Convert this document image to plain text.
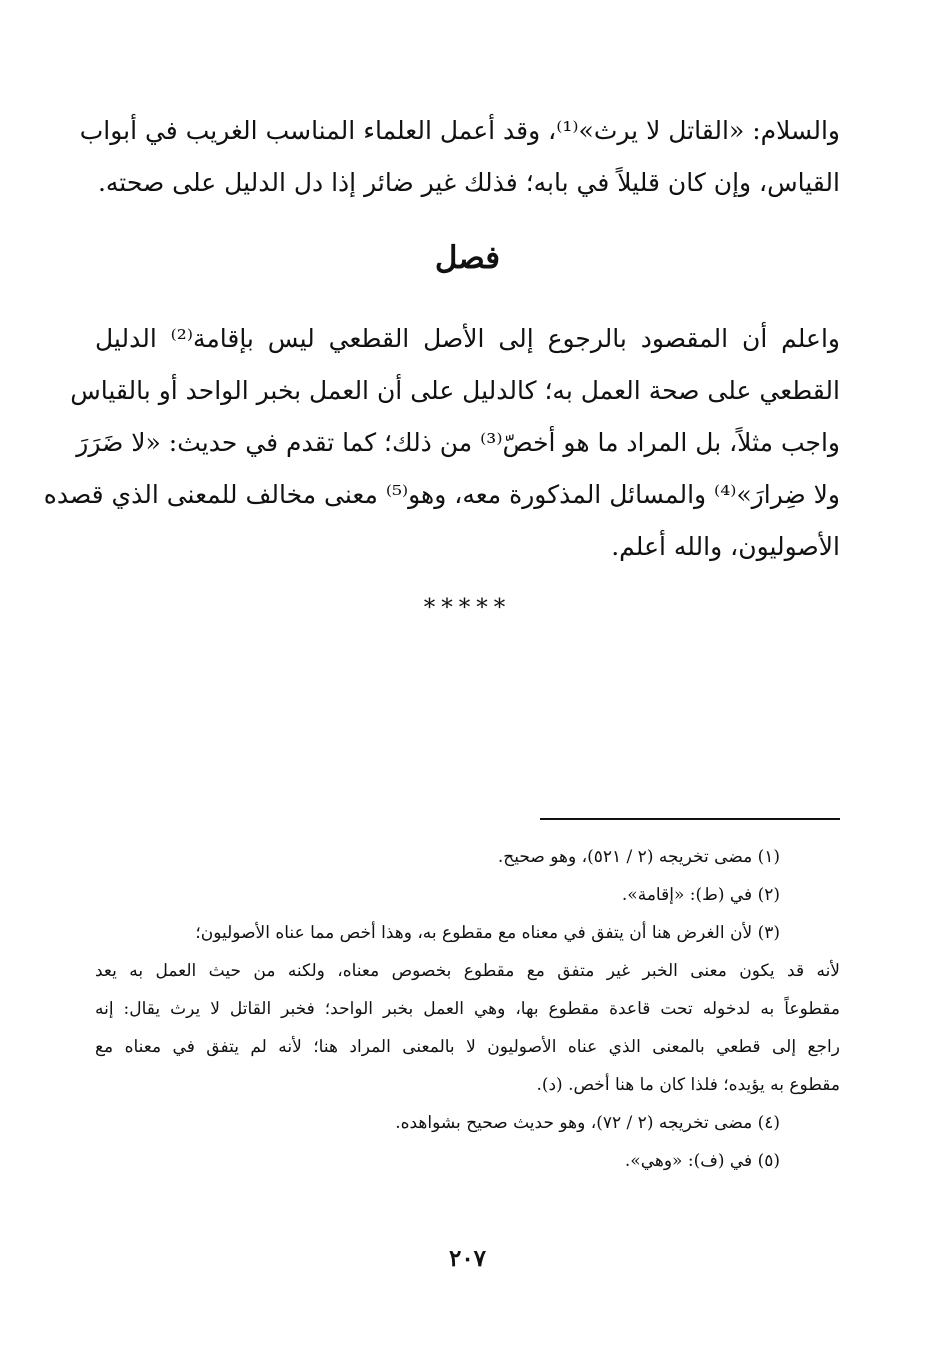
والسلام: «القاتل لا يرث»⁽¹⁾، وقد أعمل العلماء المناسب الغريب في أبواب
القياس، وإن كان قليلاً في بابه؛ فذلك غير ضائر إذا دل الدليل على صحته.
فصل
واعلم أن المقصود بالرجوع إلى الأصل القطعي ليس بإقامة⁽²⁾ الدليل
القطعي على صحة العمل به؛ كالدليل على أن العمل بخبر الواحد أو بالقياس
واجب مثلاً، بل المراد ما هو أخصّ⁽³⁾ من ذلك؛ كما تقدم في حديث: «لا ضَرَرَ
ولا ضِرارَ»⁽⁴⁾ والمسائل المذكورة معه، وهو⁽⁵⁾ معنى مخالف للمعنى الذي قصده
الأصوليون، والله أعلم.
*****
(١) مضى تخريجه (٢ / ٥٢١)، وهو صحيح.
(٢) في (ط): «إقامة».
(٣) لأن الغرض هنا أن يتفق في معناه مع مقطوع به، وهذا أخص مما عناه الأصوليون؛
لأنه قد يكون معنى الخبر غير متفق مع مقطوع بخصوص معناه، ولكنه من حيث العمل به يعد
مقطوعاً به لدخوله تحت قاعدة مقطوع بها، وهي العمل بخبر الواحد؛ فخبر القاتل لا يرث يقال: إنه
راجع إلى قطعي بالمعنى الذي عناه الأصوليون لا بالمعنى المراد هنا؛ لأنه لم يتفق في معناه مع
مقطوع به يؤيده؛ فلذا كان ما هنا أخص. (د).
(٤) مضى تخريجه (٢ / ٧٢)، وهو حديث صحيح بشواهده.
(٥) في (ف): «وهي».
٢٠٧
